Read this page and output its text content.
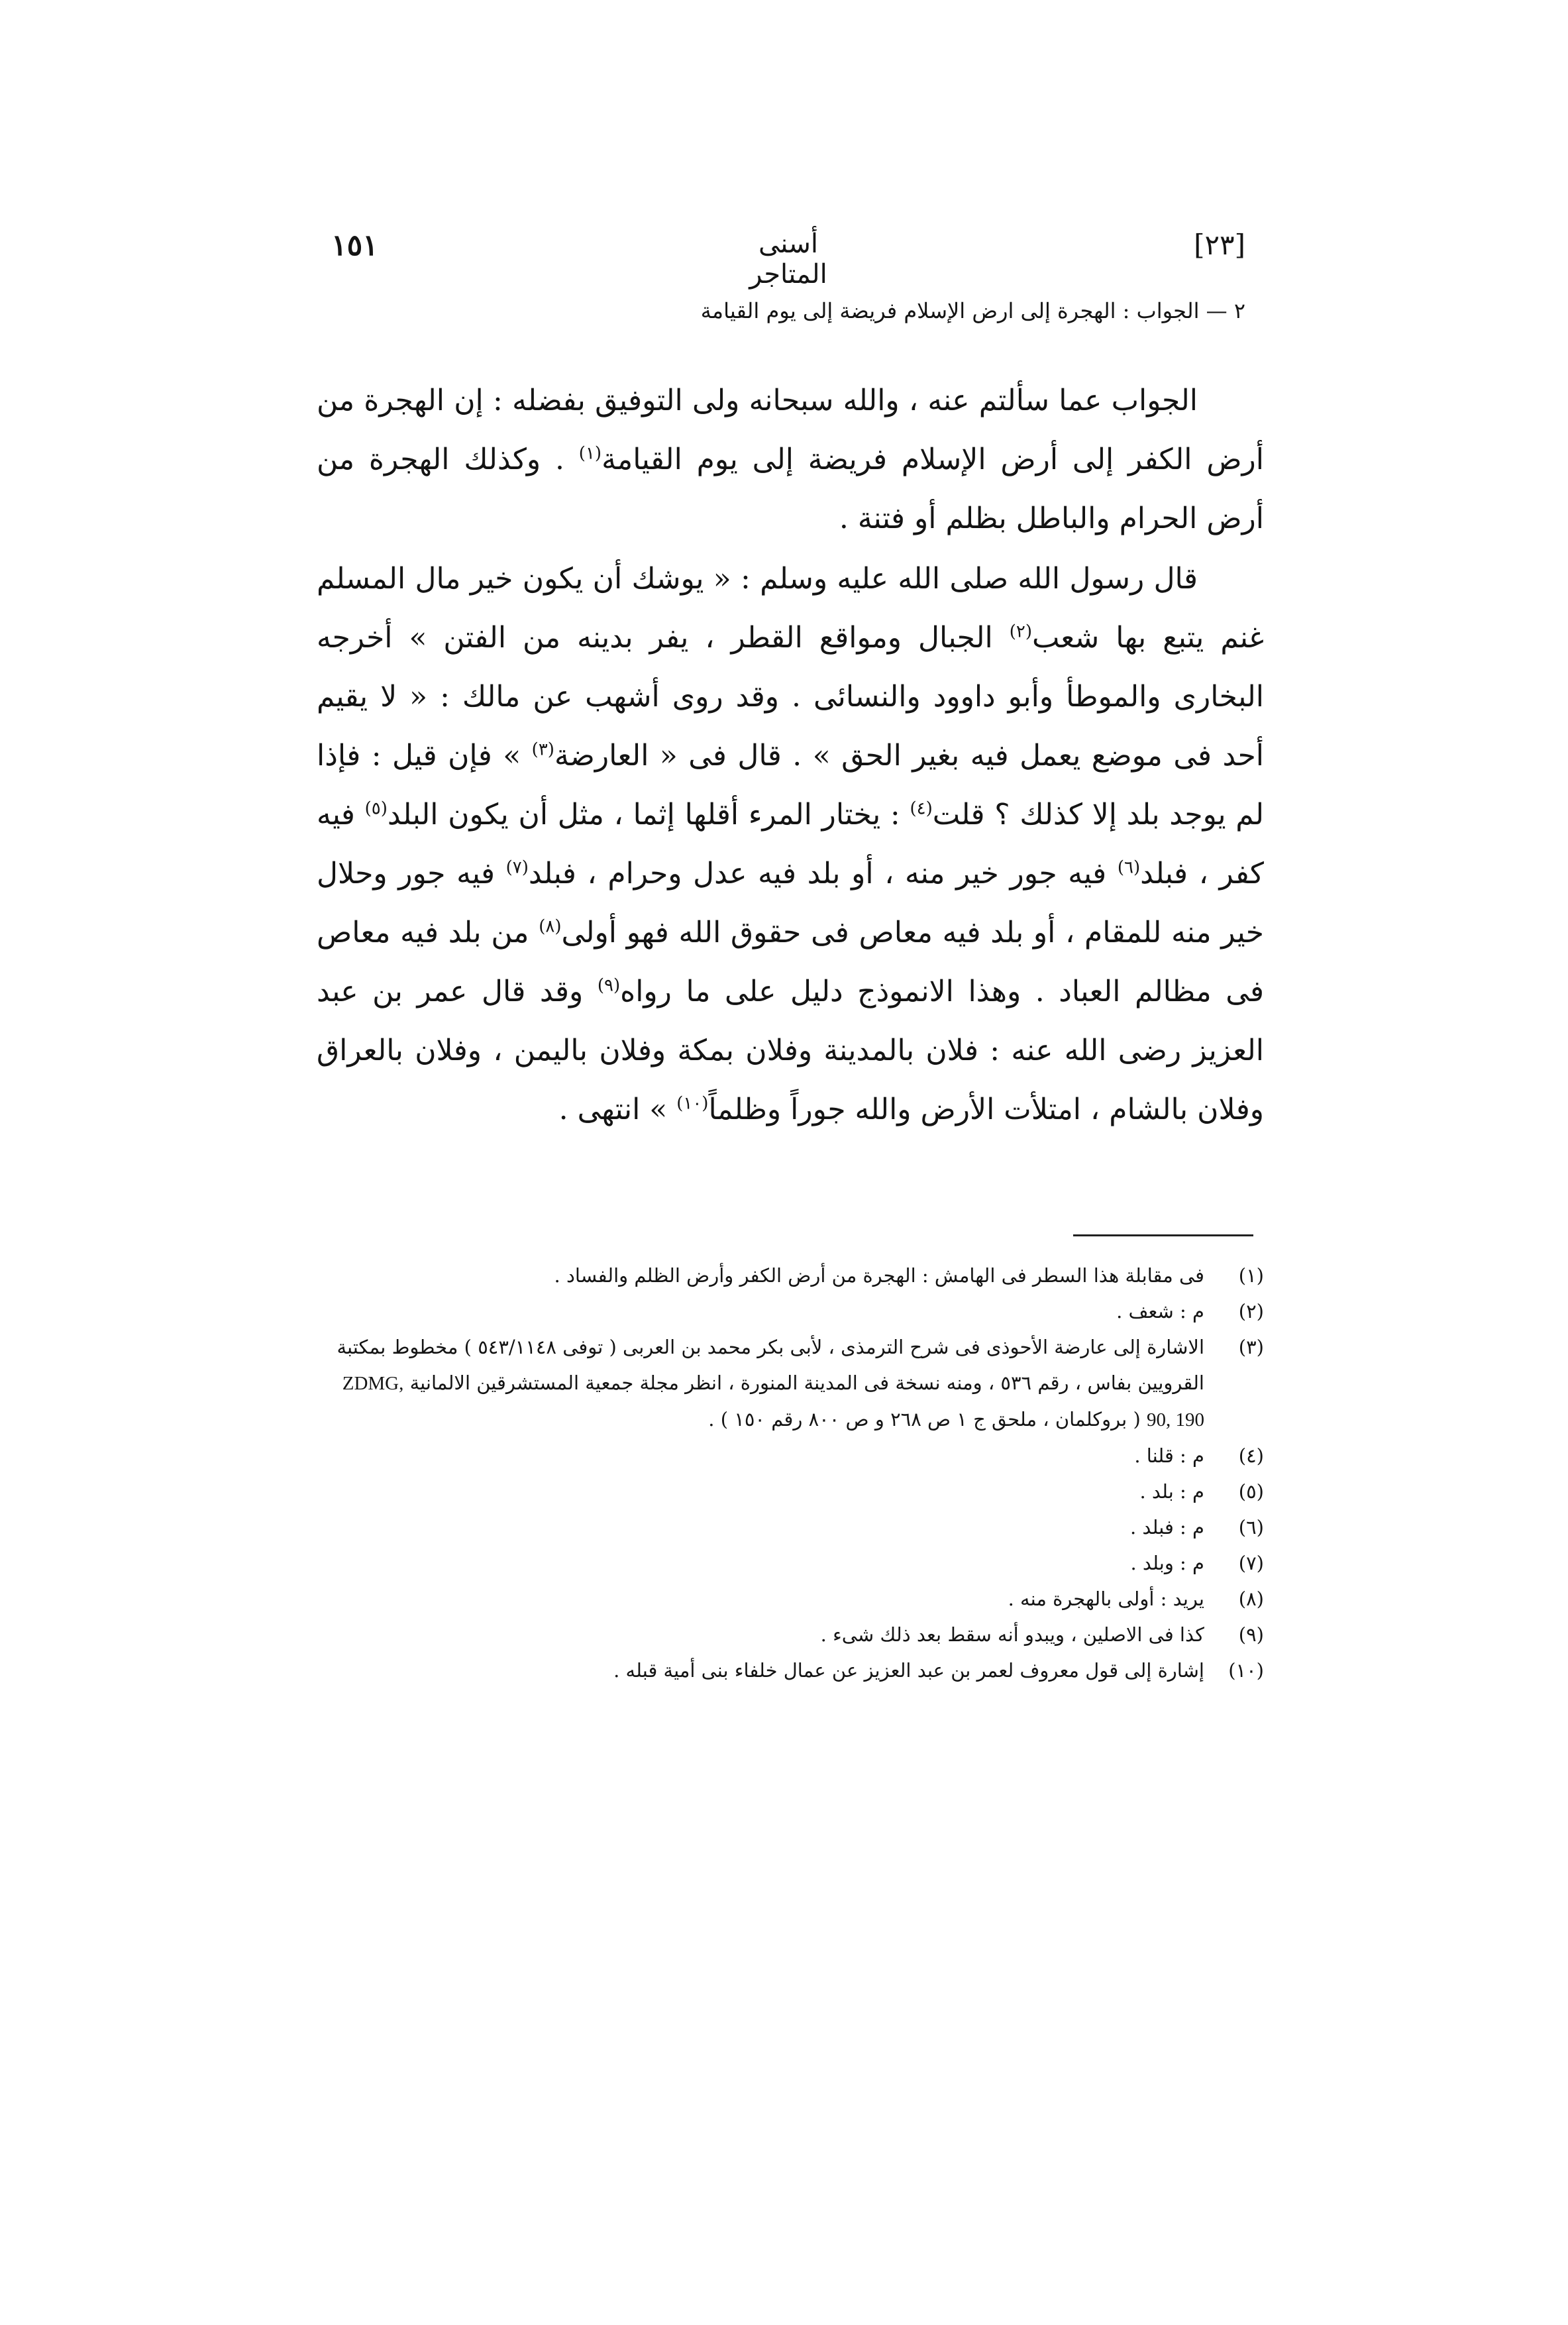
١٥١	أسنى المتاجر
[٢٣]
٢ — الجواب : الهجرة إلى ارض الإسلام فريضة إلى يوم القيامة

الجواب عما سألتم عنه ، والله سبحانه ولى التوفيق بفضله : إن الهجرة من أرض الكفر إلى أرض الإسلام فريضة إلى يوم القيامة$^{(١)}$ . وكذلك الهجرة من أرض الحرام والباطل بظلم أو فتنة .

قال رسول الله صلى الله عليه وسلم : « يوشك أن يكون خير مال المسلم غنم يتبع بها شعب$^{(٢)}$ الجبال ومواقع القطر ، يفر بدينه من الفتن » أخرجه البخارى والموطأ وأبو داوود والنسائى . وقد روى أشهب عن مالك : « لا يقيم أحد فى موضع يعمل فيه بغير الحق » . قال فى « العارضة$^{(٣)}$ » فإن قيل : فإذا لم يوجد بلد إلا كذلك ؟ قلت$^{(٤)}$ : يختار المرء أقلها إثما ، مثل أن يكون البلد$^{(٥)}$ فيه كفر ، فبلد$^{(٦)}$ فيه جور خير منه ، أو بلد فيه عدل وحرام ، فبلد$^{(٧)}$ فيه جور وحلال خير منه للمقام ، أو بلد فيه معاص فى حقوق الله فهو أولى$^{(٨)}$ من بلد فيه معاص فى مظالم العباد . وهذا الانموذج دليل على ما رواه$^{(٩)}$ وقد قال عمر بن عبد العزيز رضى الله عنه : فلان بالمدينة وفلان بمكة وفلان باليمن ، وفلان بالعراق وفلان بالشام ، امتلأت الأرض والله جوراً وظلماً$^{(١٠)}$ » انتهى .

(١)فى مقابلة هذا السطر فى الهامش : الهجرة من أرض الكفر وأرض الظلم والفساد .

(٢)م : شعف .

(٣)الاشارة إلى عارضة الأحوذى فى شرح الترمذى ، لأبى بكر محمد بن العربى ( توفى ٥٤٣/١١٤٨ ) مخطوط بمكتبة القرويين بفاس ، رقم ٥٣٦ ، ومنه نسخة فى المدينة المنورة ، انظر مجلة جمعية المستشرقين الالمانية ZDMG, 90, 190 ( بروكلمان ، ملحق ج ١ ص ٢٦٨ و ص ٨٠٠ رقم ١٥٠ ) .

(٤)م : قلنا .

(٥)م : بلد .

(٦)م : فبلد .

(٧)م : وبلد .

(٨)يريد : أولى بالهجرة منه .

(٩)كذا فى الاصلين ، ويبدو أنه سقط بعد ذلك شىء .

(١٠)إشارة إلى قول معروف لعمر بن عبد العزيز عن عمال خلفاء بنى أمية قبله .
